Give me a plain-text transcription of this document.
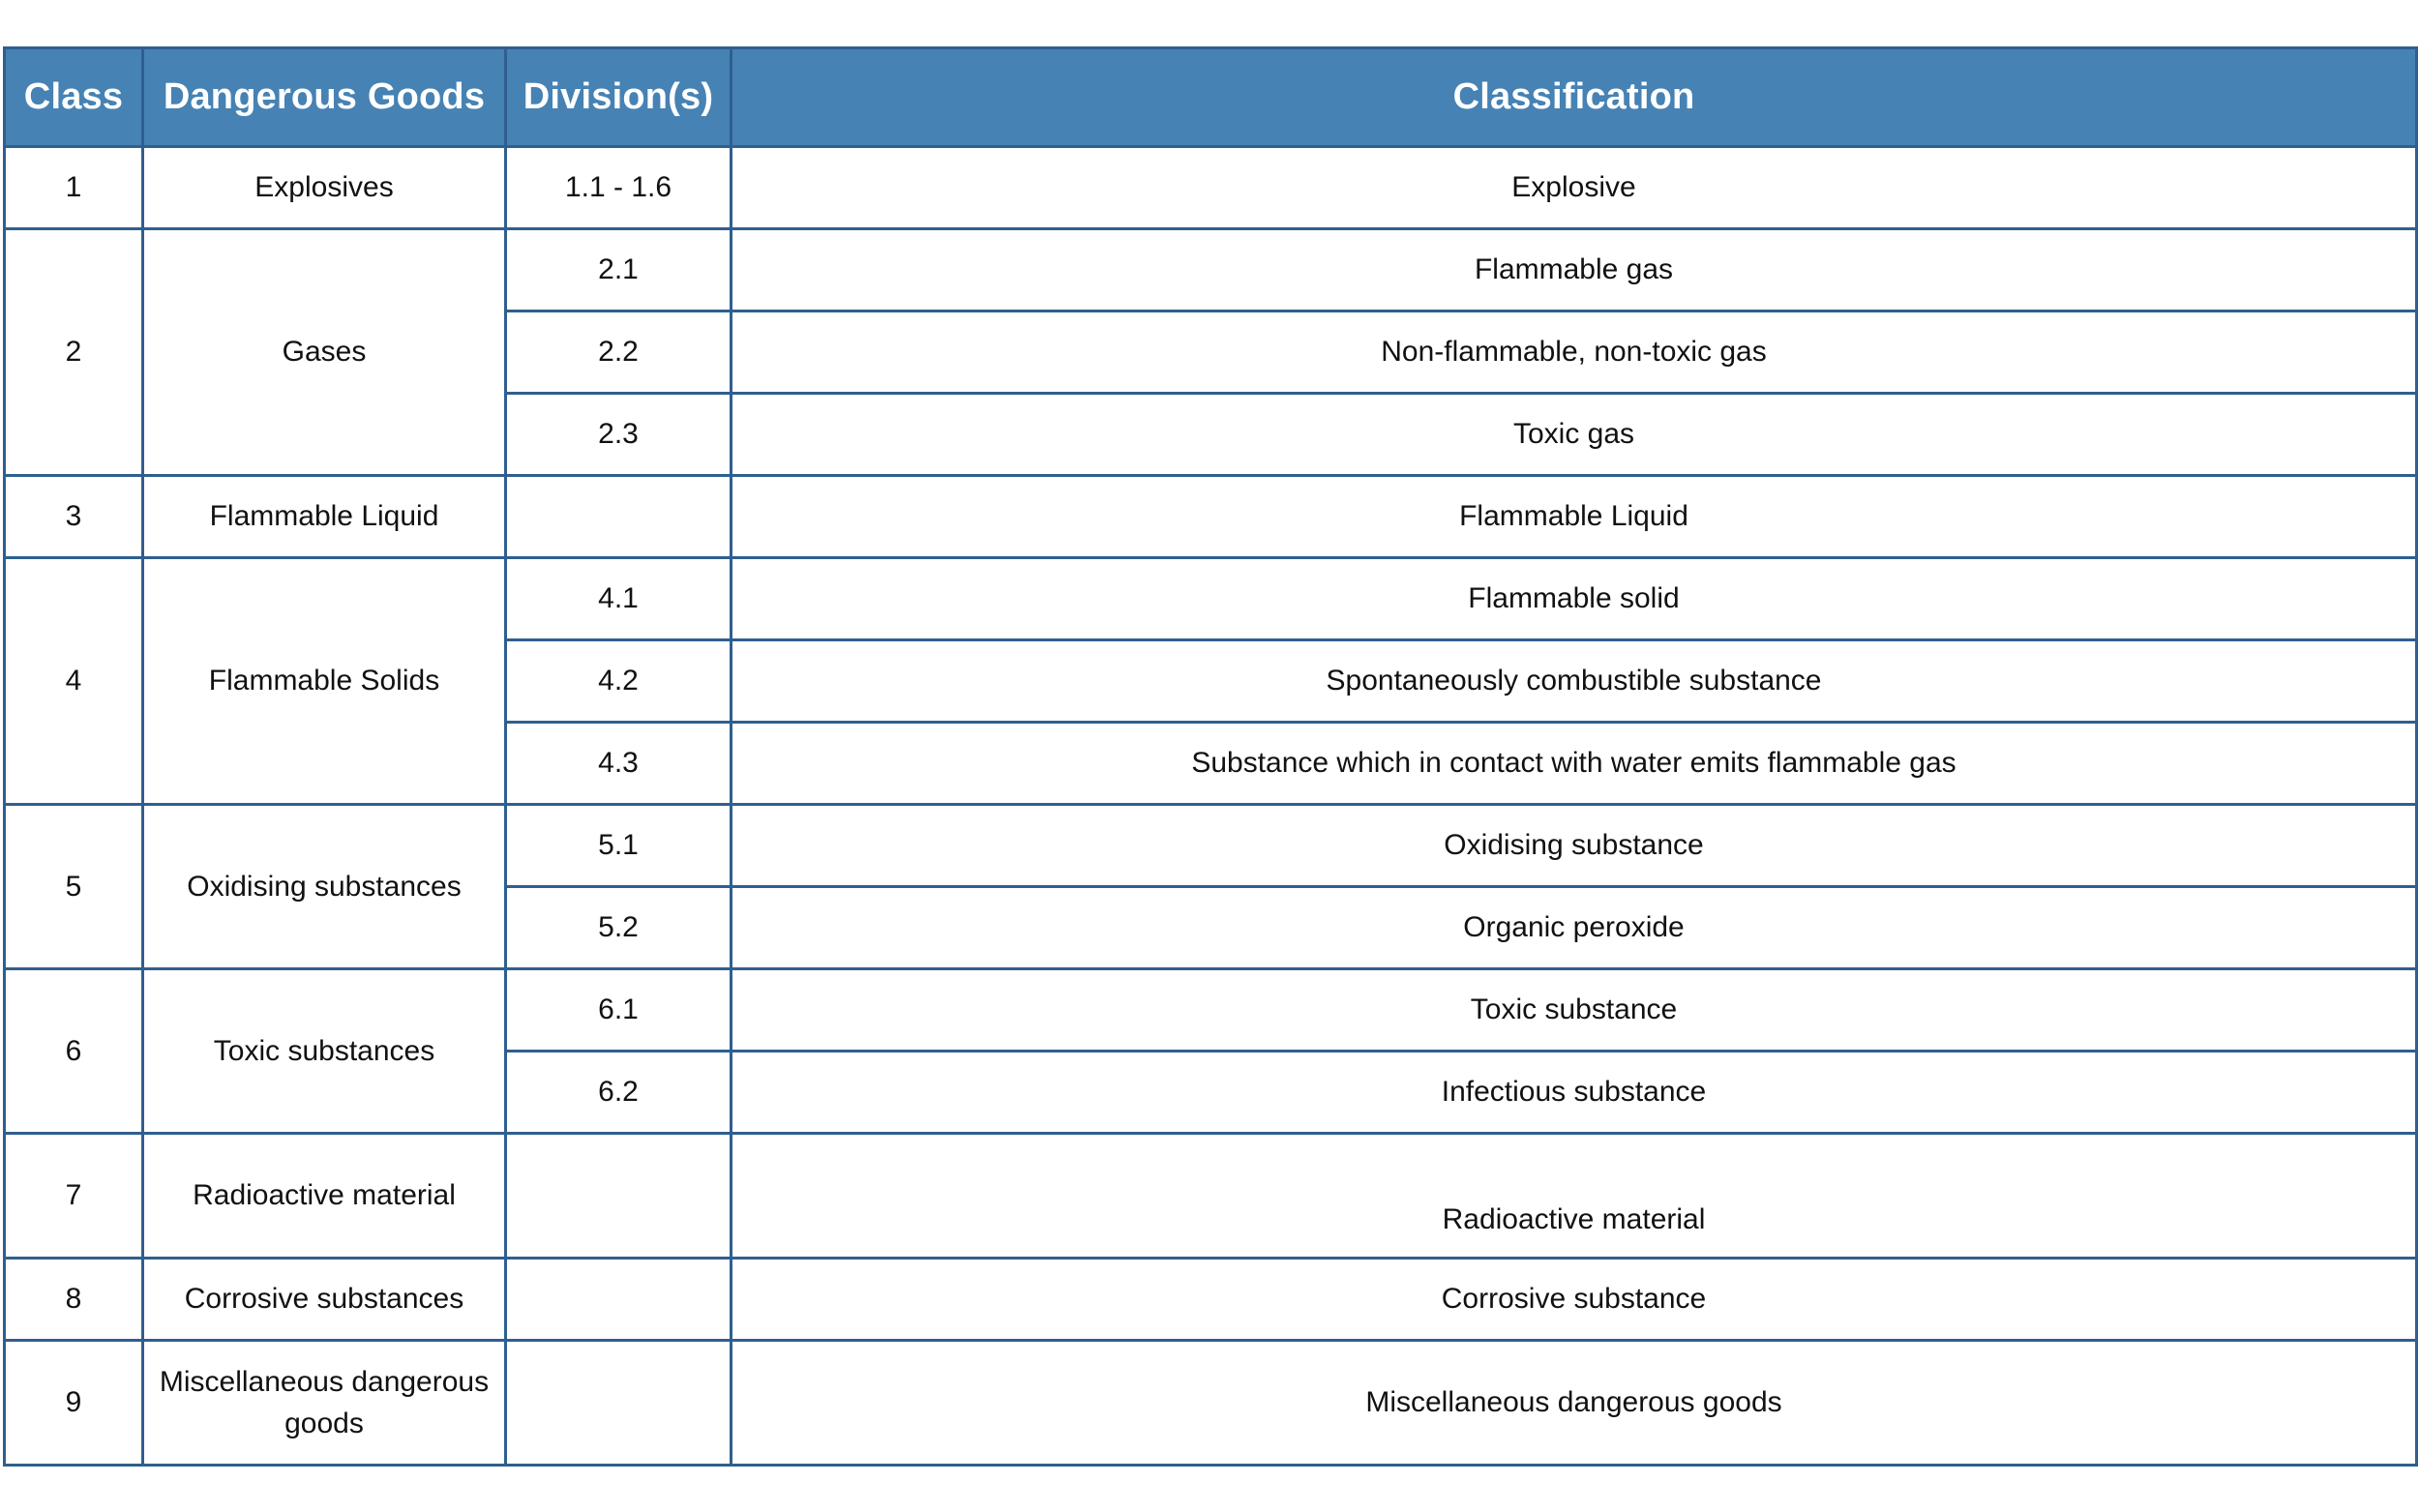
Class	Dangerous Goods	Division(s)	Classification
1	Explosives	1.1 - 1.6	Explosive
2	Gases	2.1	Flammable gas
		2.2	Non-flammable, non-toxic gas
		2.3	Toxic gas
3	Flammable Liquid		Flammable Liquid
4	Flammable Solids	4.1	Flammable solid
		4.2	Spontaneously combustible substance
		4.3	Substance which in contact with water emits flammable gas
5	Oxidising substances	5.1	Oxidising substance
		5.2	Organic peroxide
6	Toxic substances	6.1	Toxic substance
		6.2	Infectious substance
7	Radioactive material		Radioactive material
8	Corrosive substances		Corrosive substance
9	Miscellaneous dangerous goods		Miscellaneous dangerous goods
